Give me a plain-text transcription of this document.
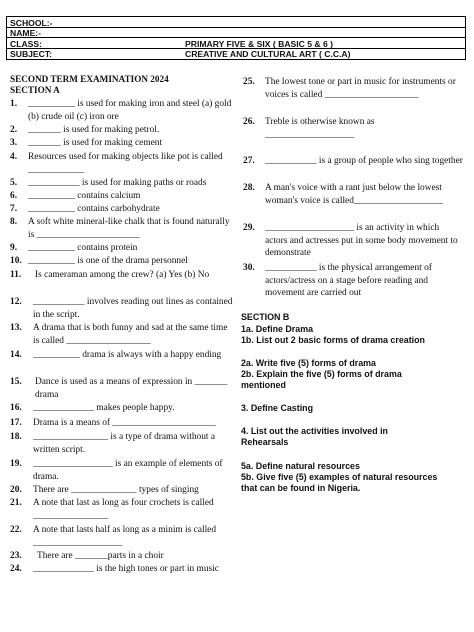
SCHOOL:-
NAME:-
CLASS:	PRIMARY FIVE & SIX ( BASIC 5 & 6 )
SUBJECT:	CREATIVE AND CULTURAL ART ( C.C.A)
SECOND TERM EXAMINATION 2024
SECTION A
1.	__________ is used for making iron and steel (a) gold (b) crude oil (c) iron ore
2.	_______ is used for making petrol.
3.	_______ is used for making cement
4.	Resources used for making objects like pot is called ____________
5.	___________ is used for making paths or roads
6.	__________ contains calcium
7.	__________ contains carbohydrate
8.	A soft white mineral-like chalk that is found naturally is ______________________
9.	__________ contains protein
10. __________ is one of the drama personnel
11.	Is cameraman among the crew? (a) Yes (b) No
12.	___________ involves reading out lines as contained in the script.
13.	A drama that is both funny and sad at the same time is called __________________
14.	__________ drama is always with a happy ending
15.	Dance is used as a means of expression in _______ drama
16.	_____________ makes people happy.
17.	Drama is a means of ______________________
18.	________________ is a type of drama without a written script.
19.	_________________ is an example of elements of drama.
20.	There are ______________ types of singing
21.	A note that last as long as four crochets is called ________________
22.	A note that lasts half as long as a minim is called ___________________
23.	There are _______parts in a choir
24.	_____________ is the high tones or part in music
25.	The lowest tone or part in music for instruments or voices is called ____________________
26.	Treble is otherwise known as ___________________
27.	___________ is a group of people who sing together
28.	A man's voice with a rant just below the lowest woman's voice is called___________________
29.	___________________ is an activity in which actors and actresses put in some body movement to demonstrate
30.	___________ is the physical arrangement of actors/actress on a stage before reading and movement are carried out
SECTION B
1a. Define Drama
1b. List out 2 basic forms of drama creation
2a. Write five (5) forms of drama
2b. Explain the five (5) forms of drama mentioned
3. Define Casting
4. List out the activities involved in Rehearsals
5a. Define natural resources
5b. Give five (5) examples of natural resources that can be found in Nigeria.
